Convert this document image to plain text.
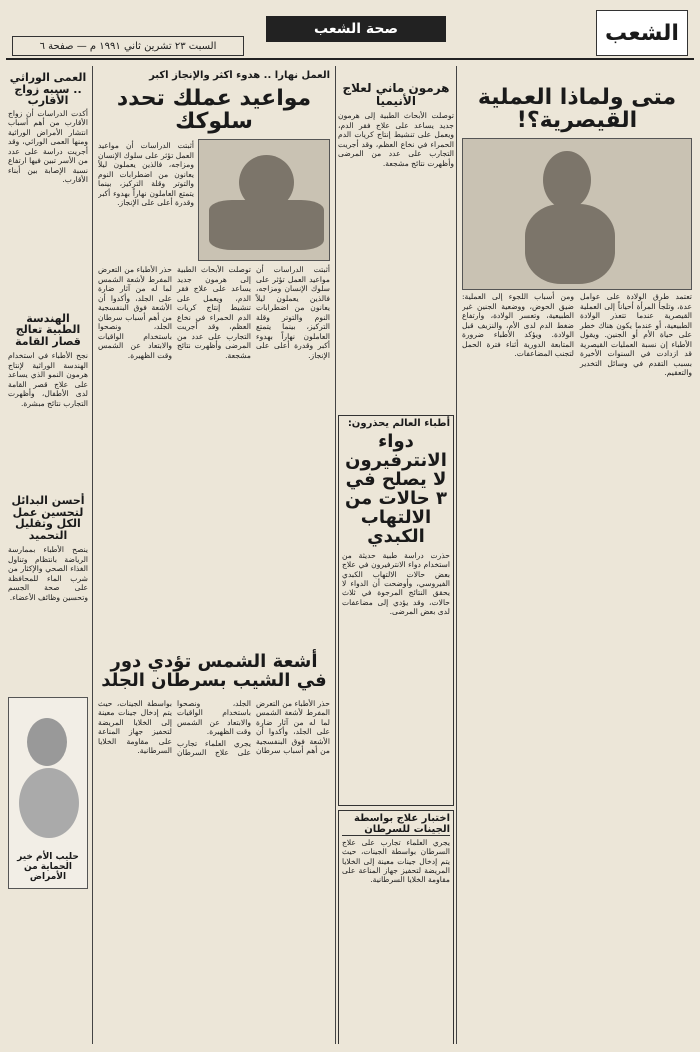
الشعب
صحة الشعب
السبت ٢٣ تشرين ثاني ١٩٩١ م — صفحة ٦
متى ولماذا العملية القيصرية؟!

تعتمد طرق الولادة على عوامل عدة، وتلجأ المرأة أحياناً إلى العملية القيصرية عندما تتعذر الولادة الطبيعية، أو عندما يكون هناك خطر على حياة الأم أو الجنين. ويقول الأطباء إن نسبة العمليات القيصرية قد ازدادت في السنوات الأخيرة بسبب التقدم في وسائل التخدير والتعقيم.

ومن أسباب اللجوء إلى العملية: ضيق الحوض، ووضعية الجنين غير الطبيعية، وتعسر الولادة، وارتفاع ضغط الدم لدى الأم، والنزيف قبل الولادة. ويؤكد الأطباء ضرورة المتابعة الدورية أثناء فترة الحمل لتجنب المضاعفات.

هرمون ماني لعلاج الأنيميا
توصلت الأبحاث الطبية إلى هرمون جديد يساعد على علاج فقر الدم، ويعمل على تنشيط إنتاج كريات الدم الحمراء في نخاع العظم، وقد أجريت التجارب على عدد من المرضى وأظهرت نتائج مشجعة.
أطباء العالم يحذرون:
دواء الانترفيرون لا يصلح في ٣ حالات من الالتهاب الكبدي
حذرت دراسة طبية حديثة من استخدام دواء الانترفيرون في علاج بعض حالات الالتهاب الكبدي الفيروسي، وأوضحت أن الدواء لا يحقق النتائج المرجوة في ثلاث حالات، وقد يؤدي إلى مضاعفات لدى بعض المرضى.
اختبار علاج بواسطة الجينات للسرطان
يجري العلماء تجارب على علاج السرطان بواسطة الجينات، حيث يتم إدخال جينات معينة إلى الخلايا المريضة لتحفيز جهاز المناعة على مقاومة الخلايا السرطانية.
العمل نهاراً .. هدوء أكثر والإنجاز أكبر
مواعيد عملك تحدد سلوكك
أثبتت الدراسات أن مواعيد العمل تؤثر على سلوك الإنسان ومزاجه، فالذين يعملون ليلاً يعانون من اضطرابات النوم والتوتر وقلة التركيز، بينما يتمتع العاملون نهاراً بهدوء أكبر وقدرة أعلى على الإنجاز.

أثبتت الدراسات أن مواعيد العمل تؤثر على سلوك الإنسان ومزاجه، فالذين يعملون ليلاً يعانون من اضطرابات النوم والتوتر وقلة التركيز، بينما يتمتع العاملون نهاراً بهدوء أكبر وقدرة أعلى على الإنجاز.

توصلت الأبحاث الطبية إلى هرمون جديد يساعد على علاج فقر الدم، ويعمل على تنشيط إنتاج كريات الدم الحمراء في نخاع العظم، وقد أجريت التجارب على عدد من المرضى وأظهرت نتائج مشجعة.

حذر الأطباء من التعرض المفرط لأشعة الشمس لما له من آثار ضارة على الجلد، وأكدوا أن الأشعة فوق البنفسجية من أهم أسباب سرطان الجلد، ونصحوا باستخدام الواقيات والابتعاد عن الشمس وقت الظهيرة.

أشعة الشمس تؤدي دور في الشيب بسرطان الجلد

حذر الأطباء من التعرض المفرط لأشعة الشمس لما له من آثار ضارة على الجلد، وأكدوا أن الأشعة فوق البنفسجية من أهم أسباب سرطان الجلد، ونصحوا باستخدام الواقيات والابتعاد عن الشمس وقت الظهيرة.

يجري العلماء تجارب على علاج السرطان بواسطة الجينات، حيث يتم إدخال جينات معينة إلى الخلايا المريضة لتحفيز جهاز المناعة على مقاومة الخلايا السرطانية.

العمى الوراثي .. سببه زواج الأقارب
أكدت الدراسات أن زواج الأقارب من أهم أسباب انتشار الأمراض الوراثية ومنها العمى الوراثي، وقد أجريت دراسة على عدد من الأسر تبين فيها ارتفاع نسبة الإصابة بين أبناء الأقارب.
الهندسة الطبية تعالج قصار القامة
نجح الأطباء في استخدام الهندسة الوراثية لإنتاج هرمون النمو الذي يساعد على علاج قصر القامة لدى الأطفال، وأظهرت التجارب نتائج مبشرة.
أحسن البدائل لتحسين عمل الكل وتقليل التحميد
ينصح الأطباء بممارسة الرياضة بانتظام وتناول الغذاء الصحي والإكثار من شرب الماء للمحافظة على صحة الجسم وتحسين وظائف الأعضاء.
حليب الأم خير الحماية من الأمراض
